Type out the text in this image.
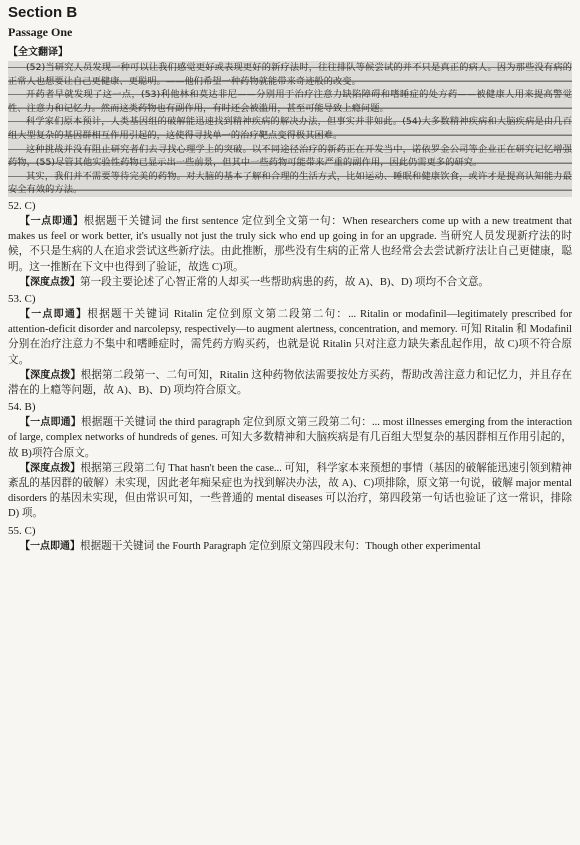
Section B
Passage One
【全文翻译】

(52)当研究人员发现一种可以让我们感觉更好或表现更好的新疗法时，往往排队等候尝试的并不只是真正的病人。因为那些没有病的正常人也想要让自己更健康、更聪明。——他们希望一种药物就能带来奇迹般的改变。

开药者早就发现了这一点，(53)利他林和莫达非尼——分别用于治疗注意力缺陷障碍和嗜睡症的处方药——被健康人用来提高警觉性、注意力和记忆力。然而这类药物也有副作用，有时还会被滥用，甚至可能导致上瘾问题。

科学家们原本预计，人类基因组的破解能迅速找到精神疾病的解决办法，但事实并非如此。(54)大多数精神疾病和大脑疾病是由几百组大型复杂的基因群相互作用引起的，这使得寻找单一的治疗靶点变得极其困难。

这种挑战并没有阻止研究者们去寻找心理学上的突破。以不同途径治疗的新药正在开发当中，诺依罗金公司等企业正在研究记忆增强药物，(55)尽管其他实验性药物已显示出一些前景，但其中一些药物可能带来严重的副作用，因此仍需更多的研究。

其实，我们并不需要等待完美的药物。对大脑的基本了解和合理的生活方式，比如运动、睡眠和健康饮食，或许才是提高认知能力最安全有效的方法。

52. C)

【一点即通】根据题干关键词 the first sentence 定位到全文第一句：When researchers come up with a new treatment that makes us feel or work better, it's usually not just the truly sick who end up going in for an upgrade. 当研究人员发现新疗法的时候，不只是生病的人在追求尝试这些新疗法。由此推断，那些没有生病的正常人也经常会去尝试新疗法让自己更健康，聪明。这一推断在下文中也得到了验证，故选 C)项。

【深度点拨】第一段主要论述了心智正常的人却买一些帮助病患的药，故 A)、B)、D) 项均不合文意。

53. C)

【一点即通】根据题干关键词 Ritalin 定位到原文第二段第二句：... Ritalin or modafinil—legitimately prescribed for attention-deficit disorder and narcolepsy, respectively—to augment alertness, concentration, and memory. 可知 Ritalin 和 Modafinil 分别在治疗注意力不集中和嗜睡症时，需凭药方购买药，也就是说 Ritalin 只对注意力缺失紊乱起作用，故 C)项不符合原文。

【深度点拨】根据第二段第一、二句可知，Ritalin 这种药物依法需要按处方买药，帮助改善注意力和记忆力，并且存在潜在的上瘾等问题，故 A)、B)、D) 项均符合原文。

54. B)

【一点即通】根据题干关键词 the third paragraph 定位到原文第三段第二句：... most illnesses emerging from the interaction of large, complex networks of hundreds of genes. 可知大多数精神和大脑疾病是有几百组大型复杂的基因群相互作用引起的，故 B)项符合原文。

【深度点拨】根据第三段第二句 That hasn't been the case... 可知，科学家本来预想的事情（基因的破解能迅速引领到精神紊乱的基因群的破解）未实现，因此老年痴呆症也为找到解决办法，故 A)、C)项排除，原文第一句说，破解 major mental disorders 的基因未实现，但由常识可知，一些普通的 mental diseases 可以治疗，第四段第一句话也验证了这一常识，排除 D) 项。

55. C)

【一点即通】根据题干关键词 the Fourth Paragraph 定位到原文第四段末句：Though other experimental
